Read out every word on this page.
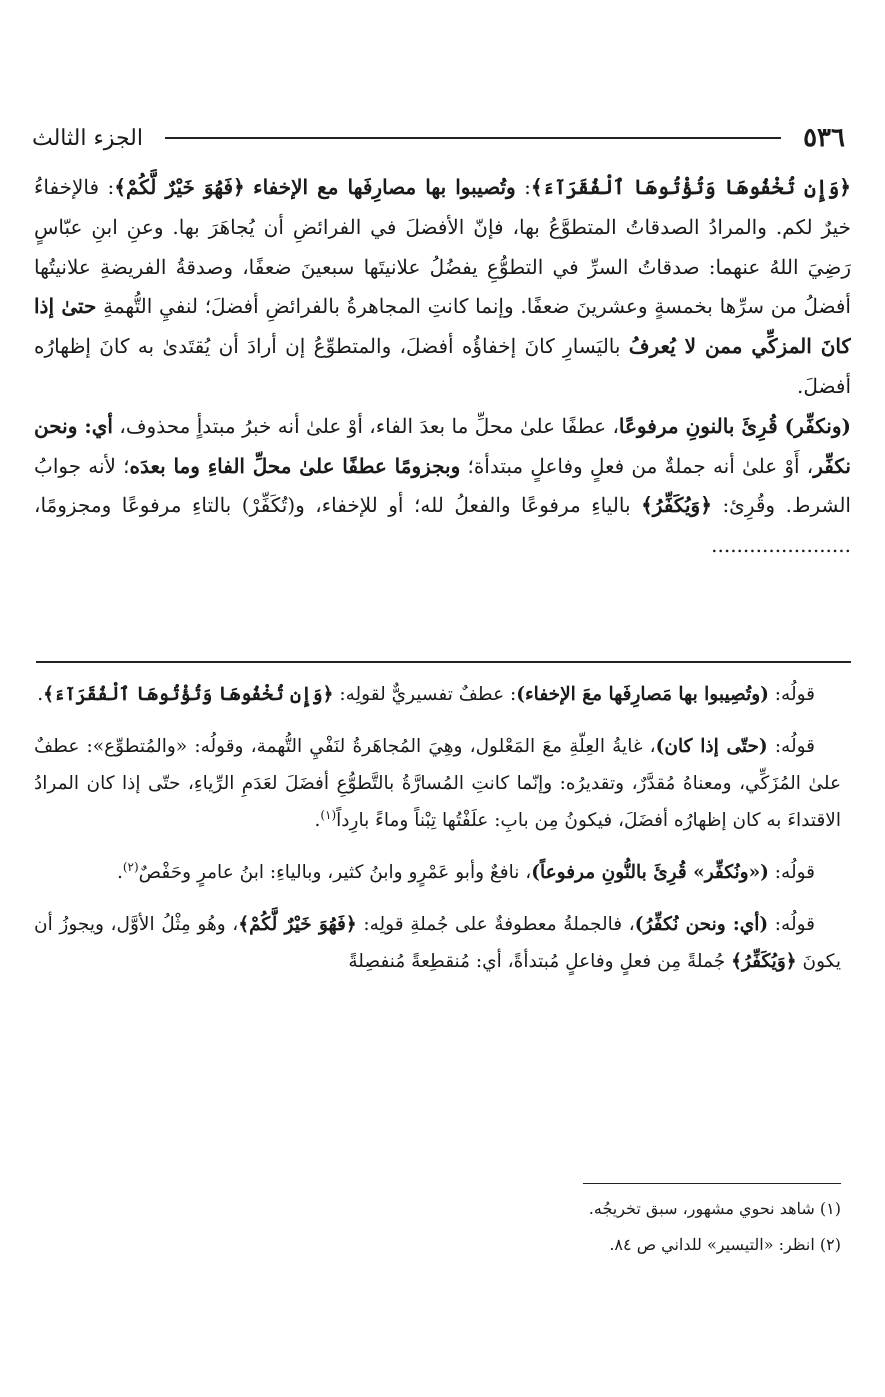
٥٣٦
الجزء الثالث

﴿وَإِن تُخْفُوهَا وَتُؤْتُوهَا ٱلْفُقَرَآءَ﴾: وتُصيبوا بها مصارِفَها مع الإخفاء ﴿فَهُوَ خَيْرٌ لَّكُمْ﴾: فالإخفاءُ خيرٌ لكم. والمرادُ الصدقاتُ المتطوَّعُ بها، فإنّ الأفضلَ في الفرائضِ أن يُجاهَرَ بها. وعنِ ابنِ عبّاسٍ رَضِيَ اللهُ عنهما: صدقاتُ السرِّ في التطوُّعِ يفضُلُ علانيتَها سبعينَ ضعفًا، وصدقةُ الفريضةِ علانيتُها أفضلُ من سرِّها بخمسةٍ وعشرينَ ضعفًا. وإنما كانتِ المجاهرةُ بالفرائضِ أفضلَ؛ لنفيِ التُّهمةِ حتىٰ إذا كانَ المزكِّي ممن لا يُعرفُ باليَسارِ كانَ إخفاؤُه أفضلَ، والمتطوِّعُ إن أرادَ أن يُقتَدىٰ به كانَ إظهارُه أفضلَ.

(ونكفِّر) قُرِئَ بالنونِ مرفوعًا، عطفًا علىٰ محلِّ ما بعدَ الفاء، أوْ علىٰ أنه خبرُ مبتدأٍ محذوف، أي: ونحن نكفِّر، أَوْ علىٰ أنه جملةٌ من فعلٍ وفاعلٍ مبتدأة؛ وبجزومًا عطفًا علىٰ محلِّ الفاءِ وما بعدَه؛ لأنه جوابُ الشرط. وقُرِئ: ﴿وَيُكَفِّرُ﴾ بالياءِ مرفوعًا والفعلُ لله؛ أو للإخفاء، و(تُكَفِّرْ) بالتاءِ مرفوعًا ومجزومًا، ......................

قولُه: (وتُصِيبوا بها مَصارِفَها معَ الإخفاء): عطفٌ تفسيريٌّ لقولِه: ﴿وَإِن تُخْفُوهَا وَتُؤْتُوهَا ٱلْفُقَرَآءَ﴾.

قولُه: (حتّى إذا كان)، غايةُ العِلّةِ معَ المَعْلول، وهِيَ المُجاهَرةُ لنَفْيِ التُّهمة، وقولُه: «والمُتطوِّع»: عطفٌ علىٰ المُزَكِّي، ومعناهُ مُقدَّرٌ، وتقديرُه: وإنّما كانتِ المُسارَّةُ بالتَّطوُّعِ أفضَلَ لعَدَمِ الرِّياءِ، حتّى إذا كان المرادُ الاقتداءَ به كان إظهارُه أفضَلَ، فيكونُ مِن بابِ: علَفْتُها تِبْناً وماءً بارِداً$^{(١)}$.

قولُه: («ونُكفِّر» قُرِئَ بالنُّونِ مرفوعاً)، نافعٌ وأبو عَمْرٍو وابنُ كثير، وبالياءِ: ابنُ عامرٍ وحَفْصٌ$^{(٢)}$.

قولُه: (أي: ونحن نُكفِّرُ)، فالجملةُ معطوفةٌ على جُملةِ قولِه: ﴿فَهُوَ خَيْرٌ لَّكُمْ﴾، وهُو مِثْلُ الأوَّل، ويجوزُ أن يكونَ ﴿وَيُكَفِّرُ﴾ جُملةً مِن فعلٍ وفاعلٍ مُبتدأةً، أي: مُنقطِعةً مُنفصِلةً

(١) شاهد نحوي مشهور، سبق تخريجُه.

(٢) انظر: «التيسير» للداني ص ٨٤.
